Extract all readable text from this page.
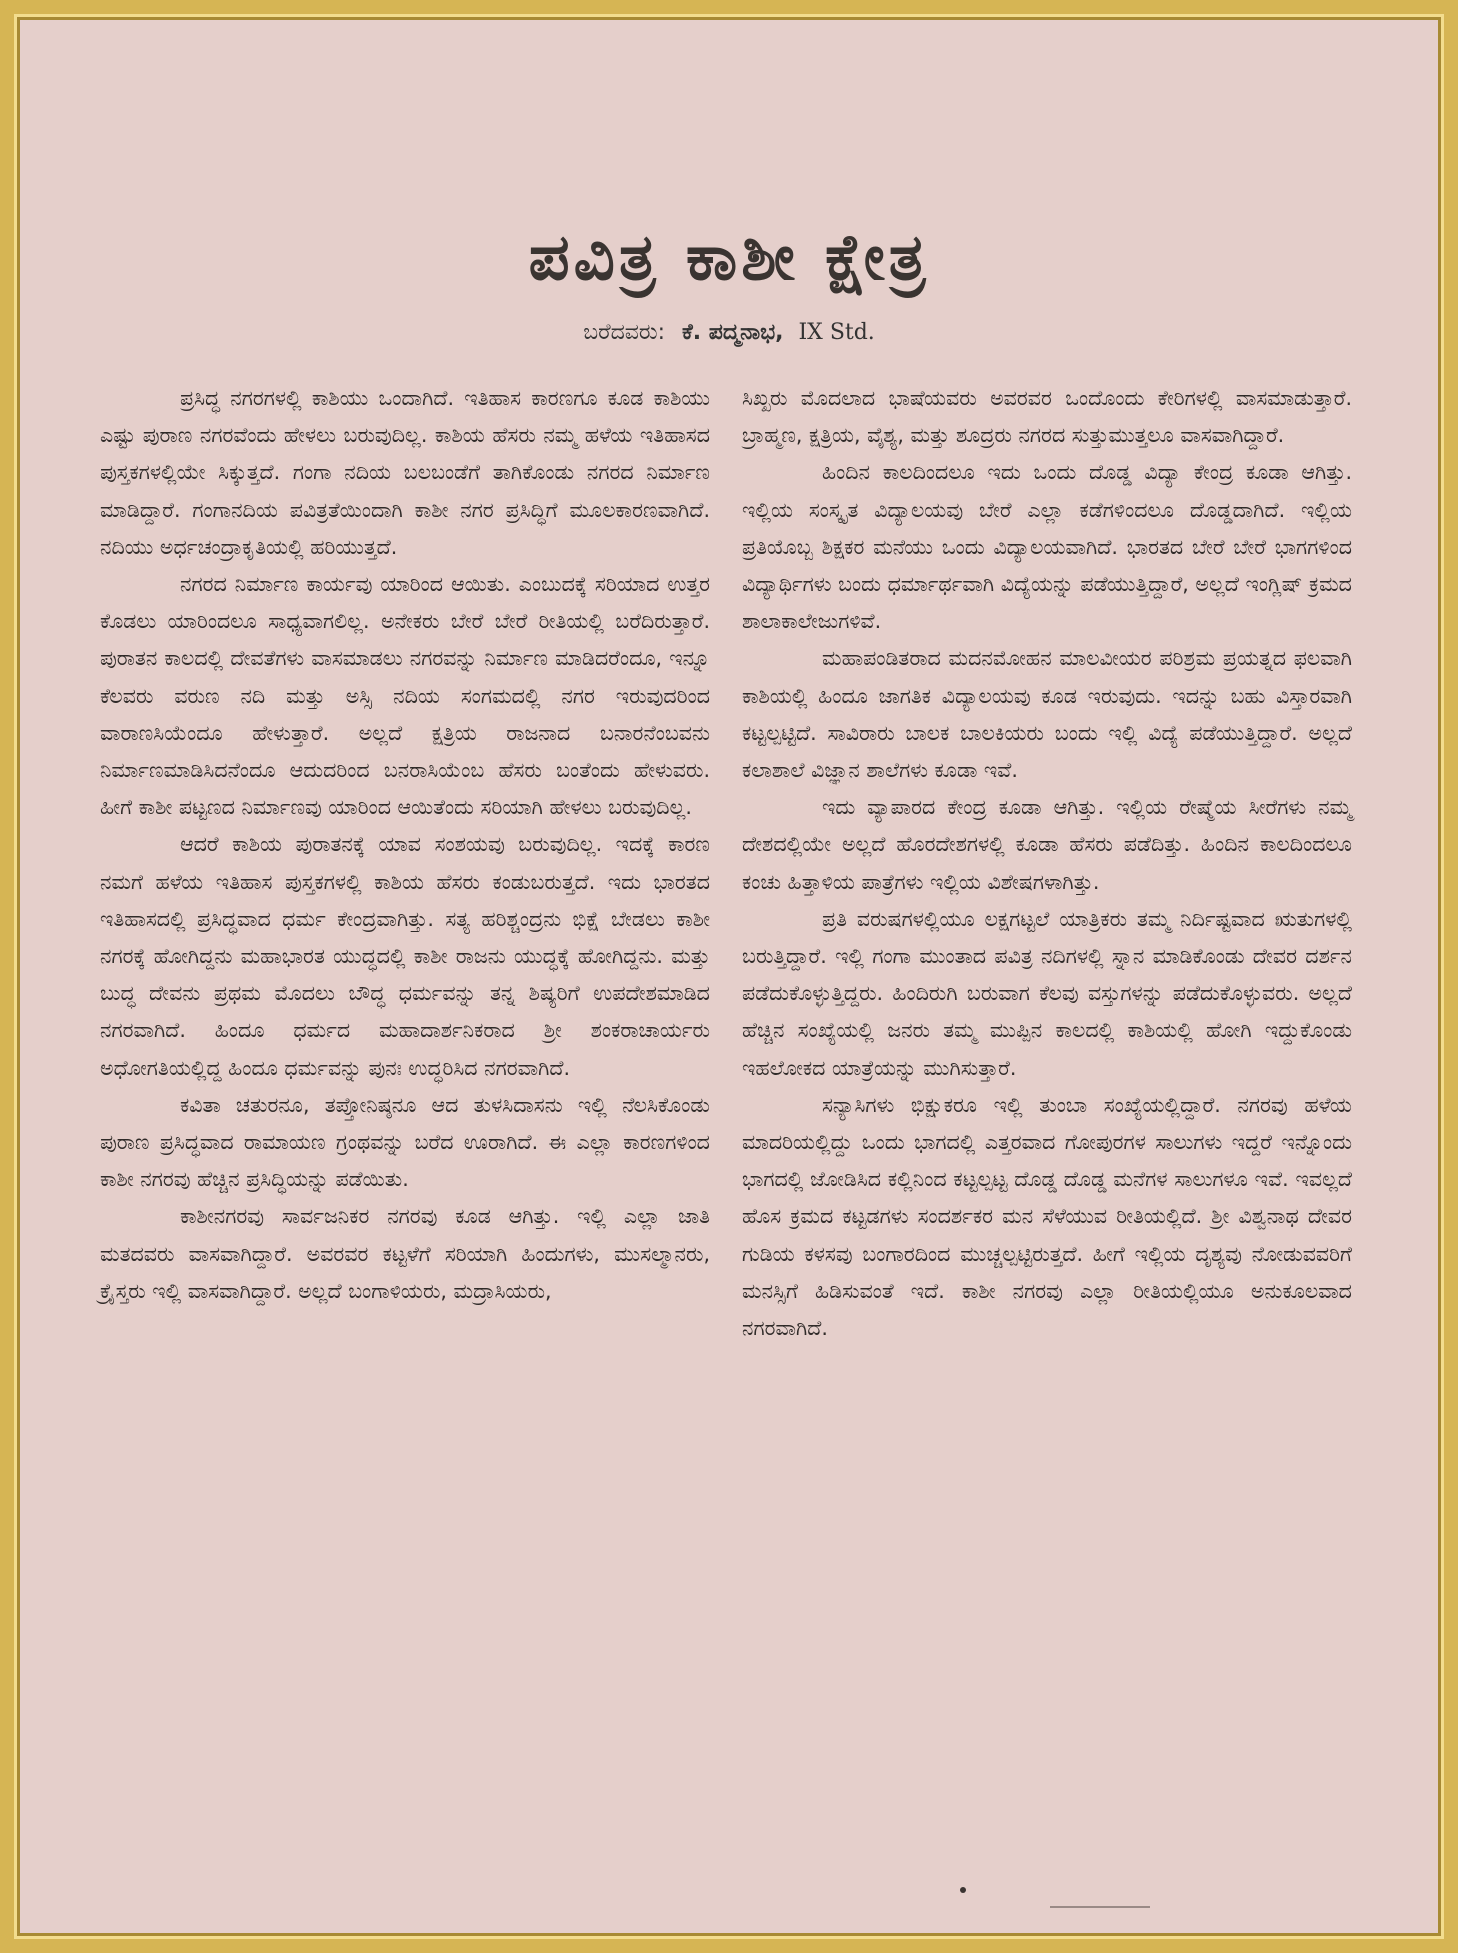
ಪವಿತ್ರ ಕಾಶೀ ಕ್ಷೇತ್ರ
ಬರೆದವರು: ಕೆ. ಪದ್ಮನಾಭ, IX Std.

ಪ್ರಸಿದ್ಧ ನಗರಗಳಲ್ಲಿ ಕಾಶಿಯು ಒಂದಾಗಿದೆ. ಇತಿಹಾಸ ಕಾರಣಗೂ ಕೂಡ ಕಾಶಿಯು ಎಷ್ಟು ಪುರಾಣ ನಗರವೆಂದು ಹೇಳಲು ಬರುವುದಿಲ್ಲ. ಕಾಶಿಯ ಹೆಸರು ನಮ್ಮ ಹಳೆಯ ಇತಿಹಾಸದ ಪುಸ್ತಕಗಳಲ್ಲಿಯೇ ಸಿಕ್ಕುತ್ತದೆ. ಗಂಗಾ ನದಿಯ ಬಲಬಂಡೆಗೆ ತಾಗಿಕೊಂಡು ನಗರದ ನಿರ್ಮಾಣ ಮಾಡಿದ್ದಾರೆ. ಗಂಗಾನದಿಯ ಪವಿತ್ರತೆಯಿಂದಾಗಿ ಕಾಶೀ ನಗರ ಪ್ರಸಿದ್ಧಿಗೆ ಮೂಲಕಾರಣವಾಗಿದೆ. ನದಿಯು ಅರ್ಧಚಂದ್ರಾಕೃತಿಯಲ್ಲಿ ಹರಿಯುತ್ತದೆ.

ನಗರದ ನಿರ್ಮಾಣ ಕಾರ್ಯವು ಯಾರಿಂದ ಆಯಿತು. ಎಂಬುದಕ್ಕೆ ಸರಿಯಾದ ಉತ್ತರ ಕೊಡಲು ಯಾರಿಂದಲೂ ಸಾಧ್ಯವಾಗಲಿಲ್ಲ. ಅನೇಕರು ಬೇರೆ ಬೇರೆ ರೀತಿಯಲ್ಲಿ ಬರೆದಿರುತ್ತಾರೆ. ಪುರಾತನ ಕಾಲದಲ್ಲಿ ದೇವತೆಗಳು ವಾಸಮಾಡಲು ನಗರವನ್ನು ನಿರ್ಮಾಣ ಮಾಡಿದರೆಂದೂ, ಇನ್ನೂ ಕೆಲವರು ವರುಣ ನದಿ ಮತ್ತು ಅಸ್ಸಿ ನದಿಯ ಸಂಗಮದಲ್ಲಿ ನಗರ ಇರುವುದರಿಂದ ವಾರಾಣಸಿಯೆಂದೂ ಹೇಳುತ್ತಾರೆ. ಅಲ್ಲದೆ ಕ್ಷತ್ರಿಯ ರಾಜನಾದ ಬನಾರನೆಂಬವನು ನಿರ್ಮಾಣಮಾಡಿಸಿದನೆಂದೂ ಆದುದರಿಂದ ಬನರಾಸಿಯೆಂಬ ಹೆಸರು ಬಂತೆಂದು ಹೇಳುವರು. ಹೀಗೆ ಕಾಶೀ ಪಟ್ಟಣದ ನಿರ್ಮಾಣವು ಯಾರಿಂದ ಆಯಿತೆಂದು ಸರಿಯಾಗಿ ಹೇಳಲು ಬರುವುದಿಲ್ಲ.

ಆದರೆ ಕಾಶಿಯ ಪುರಾತನಕ್ಕೆ ಯಾವ ಸಂಶಯವು ಬರುವುದಿಲ್ಲ. ಇದಕ್ಕೆ ಕಾರಣ ನಮಗೆ ಹಳೆಯ ಇತಿಹಾಸ ಪುಸ್ತಕಗಳಲ್ಲಿ ಕಾಶಿಯ ಹೆಸರು ಕಂಡುಬರುತ್ತದೆ. ಇದು ಭಾರತದ ಇತಿಹಾಸದಲ್ಲಿ ಪ್ರಸಿದ್ಧವಾದ ಧರ್ಮ ಕೇಂದ್ರವಾಗಿತ್ತು. ಸತ್ಯ ಹರಿಶ್ಚಂದ್ರನು ಭಿಕ್ಷೆ ಬೇಡಲು ಕಾಶೀ ನಗರಕ್ಕೆ ಹೋಗಿದ್ದನು ಮಹಾಭಾರತ ಯುದ್ಧದಲ್ಲಿ ಕಾಶೀ ರಾಜನು ಯುದ್ಧಕ್ಕೆ ಹೋಗಿದ್ದನು. ಮತ್ತು ಬುದ್ಧ ದೇವನು ಪ್ರಥಮ ಮೊದಲು ಬೌದ್ಧ ಧರ್ಮವನ್ನು ತನ್ನ ಶಿಷ್ಯರಿಗೆ ಉಪದೇಶಮಾಡಿದ ನಗರವಾಗಿದೆ. ಹಿಂದೂ ಧರ್ಮದ ಮಹಾದಾರ್ಶನಿಕರಾದ ಶ್ರೀ ಶಂಕರಾಚಾರ್ಯರು ಅಧೋಗತಿಯಲ್ಲಿದ್ದ ಹಿಂದೂ ಧರ್ಮವನ್ನು ಪುನಃ ಉದ್ಧರಿಸಿದ ನಗರವಾಗಿದೆ.

ಕವಿತಾ ಚತುರನೂ, ತಪ್ತೋನಿಷ್ಠನೂ ಆದ ತುಳಸಿದಾಸನು ಇಲ್ಲಿ ನೆಲಸಿಕೊಂಡು ಪುರಾಣ ಪ್ರಸಿದ್ಧವಾದ ರಾಮಾಯಣ ಗ್ರಂಥವನ್ನು ಬರೆದ ಊರಾಗಿದೆ. ಈ ಎಲ್ಲಾ ಕಾರಣಗಳಿಂದ ಕಾಶೀ ನಗರವು ಹೆಚ್ಚಿನ ಪ್ರಸಿದ್ಧಿಯನ್ನು ಪಡೆಯಿತು.

ಕಾಶೀನಗರವು ಸಾರ್ವಜನಿಕರ ನಗರವು ಕೂಡ ಆಗಿತ್ತು. ಇಲ್ಲಿ ಎಲ್ಲಾ ಜಾತಿ ಮತದವರು ವಾಸವಾಗಿದ್ದಾರೆ. ಅವರವರ ಕಟ್ಟಳೆಗೆ ಸರಿಯಾಗಿ ಹಿಂದುಗಳು, ಮುಸಲ್ಮಾನರು, ಕ್ರೈಸ್ತರು ಇಲ್ಲಿ ವಾಸವಾಗಿದ್ದಾರೆ. ಅಲ್ಲದೆ ಬಂಗಾಳಿಯರು, ಮದ್ರಾಸಿಯರು,

ಸಿಖ್ಖರು ಮೊದಲಾದ ಭಾಷೆಯವರು ಅವರವರ ಒಂದೊಂದು ಕೇರಿಗಳಲ್ಲಿ ವಾಸಮಾಡುತ್ತಾರೆ. ಬ್ರಾಹ್ಮಣ, ಕ್ಷತ್ರಿಯ, ವೈಶ್ಯ, ಮತ್ತು ಶೂದ್ರರು ನಗರದ ಸುತ್ತುಮುತ್ತಲೂ ವಾಸವಾಗಿದ್ದಾರೆ.

ಹಿಂದಿನ ಕಾಲದಿಂದಲೂ ಇದು ಒಂದು ದೊಡ್ಡ ವಿದ್ಯಾ ಕೇಂದ್ರ ಕೂಡಾ ಆಗಿತ್ತು. ಇಲ್ಲಿಯ ಸಂಸ್ಕೃತ ವಿದ್ಯಾಲಯವು ಬೇರೆ ಎಲ್ಲಾ ಕಡೆಗಳಿಂದಲೂ ದೊಡ್ಡದಾಗಿದೆ. ಇಲ್ಲಿಯ ಪ್ರತಿಯೊಬ್ಬ ಶಿಕ್ಷಕರ ಮನೆಯು ಒಂದು ವಿದ್ಯಾಲಯವಾಗಿದೆ. ಭಾರತದ ಬೇರೆ ಬೇರೆ ಭಾಗಗಳಿಂದ ವಿದ್ಯಾರ್ಥಿಗಳು ಬಂದು ಧರ್ಮಾರ್ಥವಾಗಿ ವಿದ್ಯೆಯನ್ನು ಪಡೆಯುತ್ತಿದ್ದಾರೆ, ಅಲ್ಲದೆ ಇಂಗ್ಲಿಷ್ ಕ್ರಮದ ಶಾಲಾಕಾಲೇಜುಗಳಿವೆ.

ಮಹಾಪಂಡಿತರಾದ ಮದನಮೋಹನ ಮಾಲವೀಯರ ಪರಿಶ್ರಮ ಪ್ರಯತ್ನದ ಫಲವಾಗಿ ಕಾಶಿಯಲ್ಲಿ ಹಿಂದೂ ಜಾಗತಿಕ ವಿದ್ಯಾಲಯವು ಕೂಡ ಇರುವುದು. ಇದನ್ನು ಬಹು ವಿಸ್ತಾರವಾಗಿ ಕಟ್ಟಲ್ಪಟ್ಟಿದೆ. ಸಾವಿರಾರು ಬಾಲಕ ಬಾಲಕಿಯರು ಬಂದು ಇಲ್ಲಿ ವಿದ್ಯೆ ಪಡೆಯುತ್ತಿದ್ದಾರೆ. ಅಲ್ಲದೆ ಕಲಾಶಾಲೆ ವಿಜ್ಞಾನ ಶಾಲೆಗಳು ಕೂಡಾ ಇವೆ.

ಇದು ವ್ಯಾಪಾರದ ಕೇಂದ್ರ ಕೂಡಾ ಆಗಿತ್ತು. ಇಲ್ಲಿಯ ರೇಷ್ಮೆಯ ಸೀರೆಗಳು ನಮ್ಮ ದೇಶದಲ್ಲಿಯೇ ಅಲ್ಲದೆ ಹೊರದೇಶಗಳಲ್ಲಿ ಕೂಡಾ ಹೆಸರು ಪಡೆದಿತ್ತು. ಹಿಂದಿನ ಕಾಲದಿಂದಲೂ ಕಂಚು ಹಿತ್ತಾಳಿಯ ಪಾತ್ರೆಗಳು ಇಲ್ಲಿಯ ವಿಶೇಷಗಳಾಗಿತ್ತು.

ಪ್ರತಿ ವರುಷಗಳಲ್ಲಿಯೂ ಲಕ್ಷಗಟ್ಟಲೆ ಯಾತ್ರಿಕರು ತಮ್ಮ ನಿರ್ದಿಷ್ಟವಾದ ಋತುಗಳಲ್ಲಿ ಬರುತ್ತಿದ್ದಾರೆ. ಇಲ್ಲಿ ಗಂಗಾ ಮುಂತಾದ ಪವಿತ್ರ ನದಿಗಳಲ್ಲಿ ಸ್ನಾನ ಮಾಡಿಕೊಂಡು ದೇವರ ದರ್ಶನ ಪಡೆದುಕೊಳ್ಳುತ್ತಿದ್ದರು. ಹಿಂದಿರುಗಿ ಬರುವಾಗ ಕೆಲವು ವಸ್ತುಗಳನ್ನು ಪಡೆದುಕೊಳ್ಳುವರು. ಅಲ್ಲದೆ ಹೆಚ್ಚಿನ ಸಂಖ್ಯೆಯಲ್ಲಿ ಜನರು ತಮ್ಮ ಮುಪ್ಪಿನ ಕಾಲದಲ್ಲಿ ಕಾಶಿಯಲ್ಲಿ ಹೋಗಿ ಇದ್ದುಕೊಂಡು ಇಹಲೋಕದ ಯಾತ್ರೆಯನ್ನು ಮುಗಿಸುತ್ತಾರೆ.

ಸನ್ಯಾಸಿಗಳು ಭಿಕ್ಷುಕರೂ ಇಲ್ಲಿ ತುಂಬಾ ಸಂಖ್ಯೆಯಲ್ಲಿದ್ದಾರೆ. ನಗರವು ಹಳೆಯ ಮಾದರಿಯಲ್ಲಿದ್ದು ಒಂದು ಭಾಗದಲ್ಲಿ ಎತ್ತರವಾದ ಗೋಪುರಗಳ ಸಾಲುಗಳು ಇದ್ದರೆ ಇನ್ನೊಂದು ಭಾಗದಲ್ಲಿ ಜೋಡಿಸಿದ ಕಲ್ಲಿನಿಂದ ಕಟ್ಟಲ್ಪಟ್ಟ ದೊಡ್ಡ ದೊಡ್ಡ ಮನೆಗಳ ಸಾಲುಗಳೂ ಇವೆ. ಇವಲ್ಲದೆ ಹೊಸ ಕ್ರಮದ ಕಟ್ಟಡಗಳು ಸಂದರ್ಶಕರ ಮನ ಸೆಳೆಯುವ ರೀತಿಯಲ್ಲಿದೆ. ಶ್ರೀ ವಿಶ್ವನಾಥ ದೇವರ ಗುಡಿಯ ಕಳಸವು ಬಂಗಾರದಿಂದ ಮುಚ್ಚಲ್ಪಟ್ಟಿರುತ್ತದೆ. ಹೀಗೆ ಇಲ್ಲಿಯ ದೃಶ್ಯವು ನೋಡುವವರಿಗೆ ಮನಸ್ಸಿಗೆ ಹಿಡಿಸುವಂತೆ ಇದೆ. ಕಾಶೀ ನಗರವು ಎಲ್ಲಾ ರೀತಿಯಲ್ಲಿಯೂ ಅನುಕೂಲವಾದ ನಗರವಾಗಿದೆ.
